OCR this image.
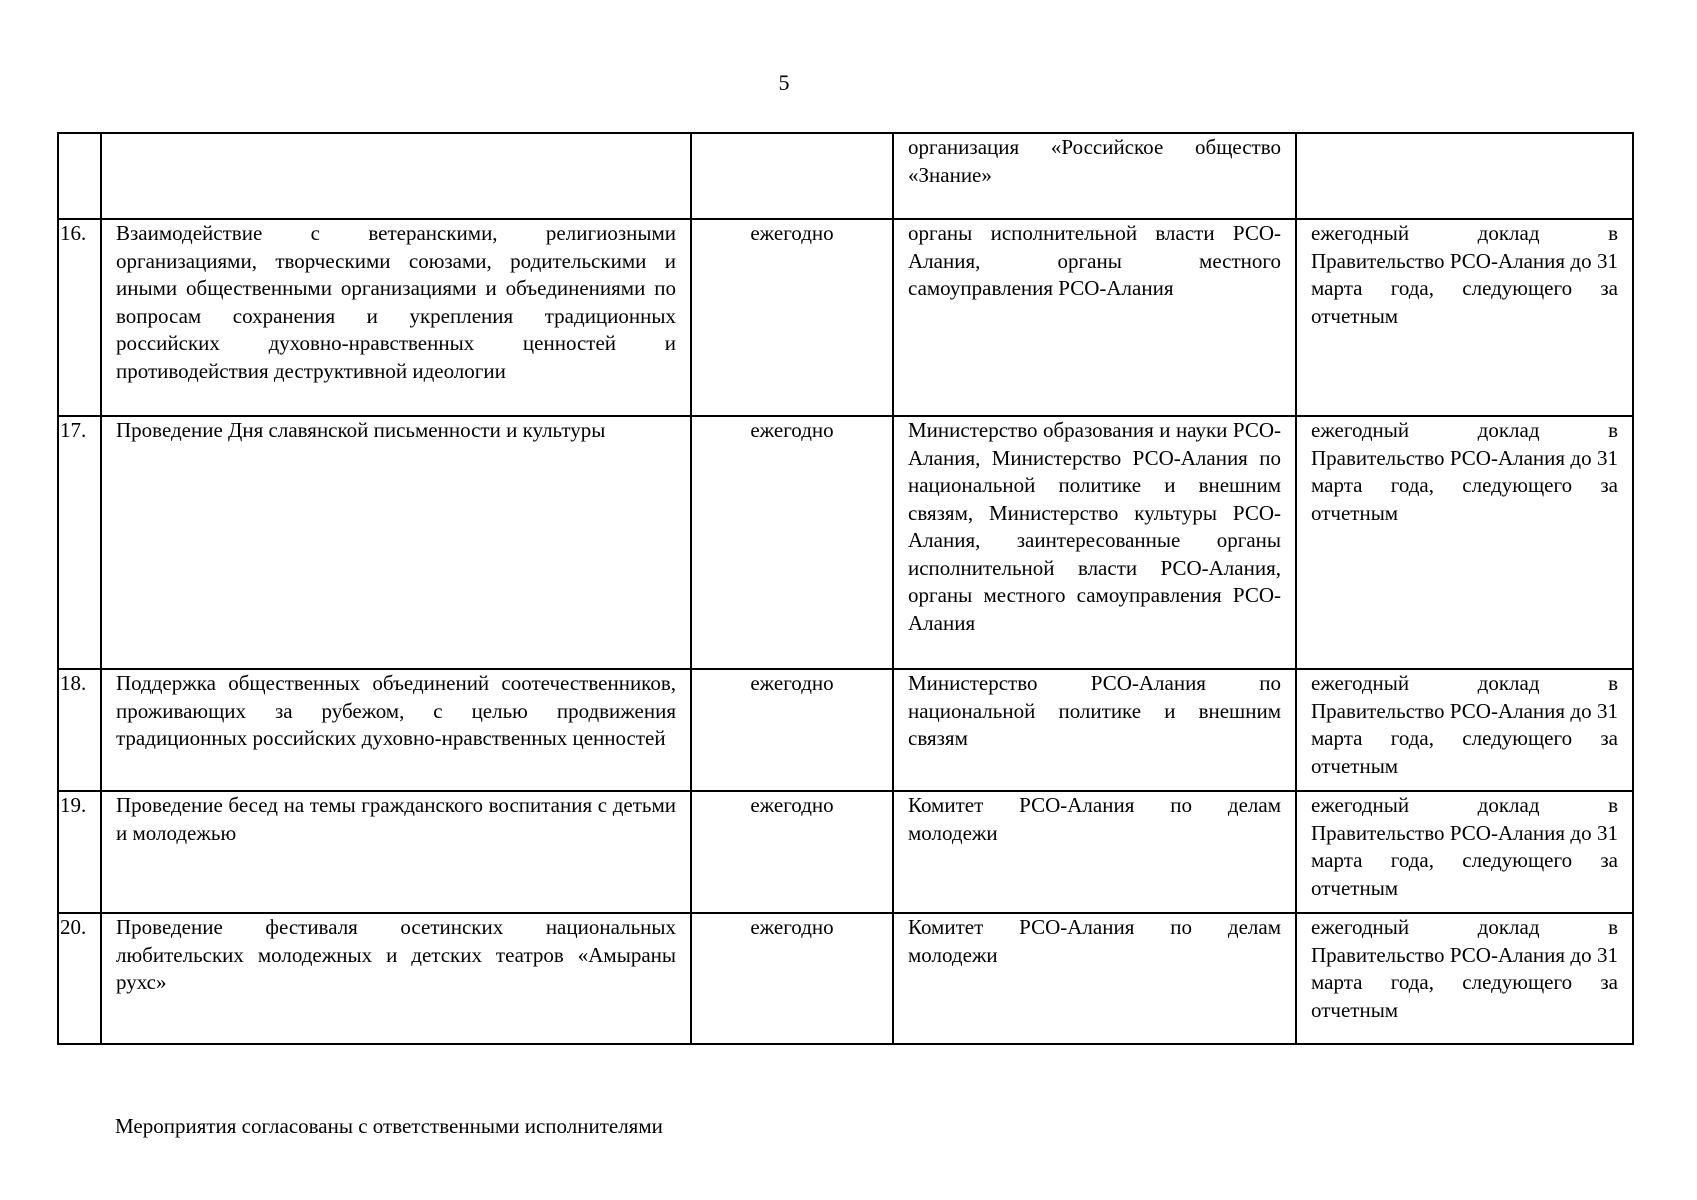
5
			организация «Российское общество «Знание»	
16.	Взаимодействие с ветеранскими, религиозными организациями, творческими союзами, родительскими и иными общественными организациями и объединениями по вопросам сохранения и укрепления традиционных российских духовно-нравственных ценностей и противодействия деструктивной идеологии	ежегодно	органы исполнительной власти РСО-Алания, органы местного самоуправления РСО-Алания	ежегодный доклад в Правительство РСО-Алания до 31 марта года, следующего за отчетным
17.	Проведение Дня славянской письменности и культуры	ежегодно	Министерство образования и науки РСО-Алания, Министерство РСО-Алания по национальной политике и внешним связям, Министерство культуры РСО-Алания, заинтересованные органы исполнительной власти РСО-Алания, органы местного самоуправления РСО-Алания	ежегодный доклад в Правительство РСО-Алания до 31 марта года, следующего за отчетным
18.	Поддержка общественных объединений соотечественников, проживающих за рубежом, с целью продвижения традиционных российских духовно-нравственных ценностей	ежегодно	Министерство РСО-Алания по национальной политике и внешним связям	ежегодный доклад в Правительство РСО-Алания до 31 марта года, следующего за отчетным
19.	Проведение бесед на темы гражданского воспитания с детьми и молодежью	ежегодно	Комитет РСО-Алания по делам молодежи	ежегодный доклад в Правительство РСО-Алания до 31 марта года, следующего за отчетным
20.	Проведение фестиваля осетинских национальных любительских молодежных и детских театров «Амыраны рухс»	ежегодно	Комитет РСО-Алания по делам молодежи	ежегодный доклад в Правительство РСО-Алания до 31 марта года, следующего за отчетным
Мероприятия согласованы с ответственными исполнителями
